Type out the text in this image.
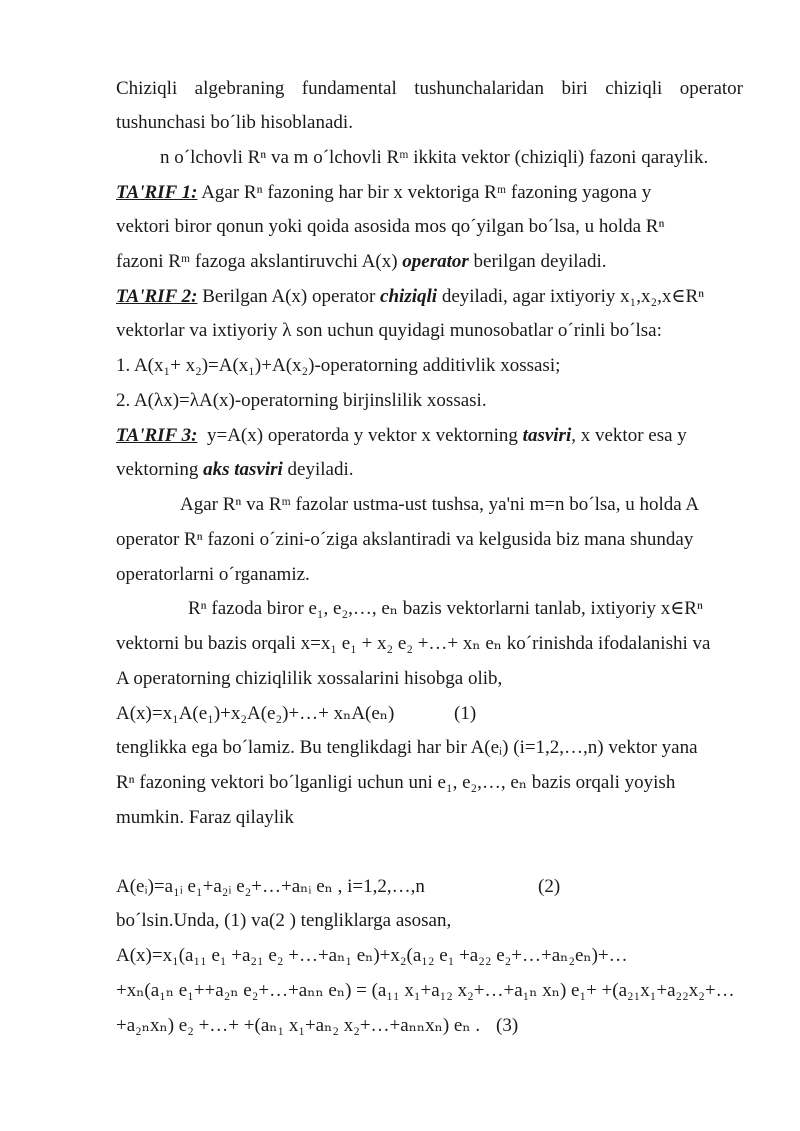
Chiziqli algebraning fundamental tushunchalaridan biri chiziqli operator
tushunchasi bo´lib hisoblanadi.
n o´lchovli Rⁿ va m o´lchovli Rᵐ ikkita vektor (chiziqli) fazoni qaraylik.
TA'RIF 1: Agar Rⁿ fazoning har bir x vektoriga Rᵐ fazoning yagona y
vektori biror qonun yoki qoida asosida mos qo´yilgan bo´lsa, u holda Rⁿ
fazoni Rᵐ fazoga akslantiruvchi A(x) operator berilgan deyiladi.
TA'RIF 2: Berilgan A(x) operator chiziqli deyiladi, agar ixtiyoriy x₁,x₂,x∈Rⁿ
vektorlar va ixtiyoriy λ son uchun quyidagi munosobatlar o´rinli bo´lsa:
1. A(x₁+ x₂)=A(x₁)+A(x₂)-operatorning additivlik xossasi;
2. A(λx)=λA(x)-operatorning birjinslilik xossasi.
TA'RIF 3: y=A(x) operatorda y vektor x vektorning tasviri, x vektor esa y
vektorning aks tasviri deyiladi.
Agar Rⁿ va Rᵐ fazolar ustma-ust tushsa, ya'ni m=n bo´lsa, u holda A
operator Rⁿ fazoni o´zini-o´ziga akslantiradi va kelgusida biz mana shunday
operatorlarni o´rganamiz.
Rⁿ fazoda biror e₁, e₂,…, eₙ bazis vektorlarni tanlab, ixtiyoriy x∈Rⁿ
vektorni bu bazis orqali x=x₁ e₁ + x₂ e₂ +…+ xₙ eₙ ko´rinishda ifodalanishi va
A operatorning chiziqlilik xossalarini hisobga olib,
A(x)=x₁A(e₁)+x₂A(e₂)+…+ xₙA(eₙ)	(1)
tenglikka ega bo´lamiz. Bu tenglikdagi har bir A(eᵢ) (i=1,2,…,n) vektor yana
Rⁿ fazoning vektori bo´lganligi uchun uni e₁, e₂,…, eₙ bazis orqali yoyish
mumkin. Faraz qilaylik
A(eᵢ)=a₁ᵢ e₁+a₂ᵢ e₂+…+aₙᵢ eₙ , i=1,2,…,n	(2)
bo´lsin.Unda, (1) va(2 ) tengliklarga asosan,
A(x)=x₁(a₁₁ e₁ +a₂₁ e₂ +…+aₙ₁ eₙ)+x₂(a₁₂ e₁ +a₂₂ e₂+…+aₙ₂eₙ)+…
+xₙ(a₁ₙ e₁++a₂ₙ e₂+…+aₙₙ eₙ) = (a₁₁ x₁+a₁₂ x₂+…+a₁ₙ xₙ) e₁+ +(a₂₁x₁+a₂₂x₂+…
+a₂ₙxₙ) e₂ +…+ +(aₙ₁ x₁+aₙ₂ x₂+…+aₙₙxₙ) eₙ . (3)
